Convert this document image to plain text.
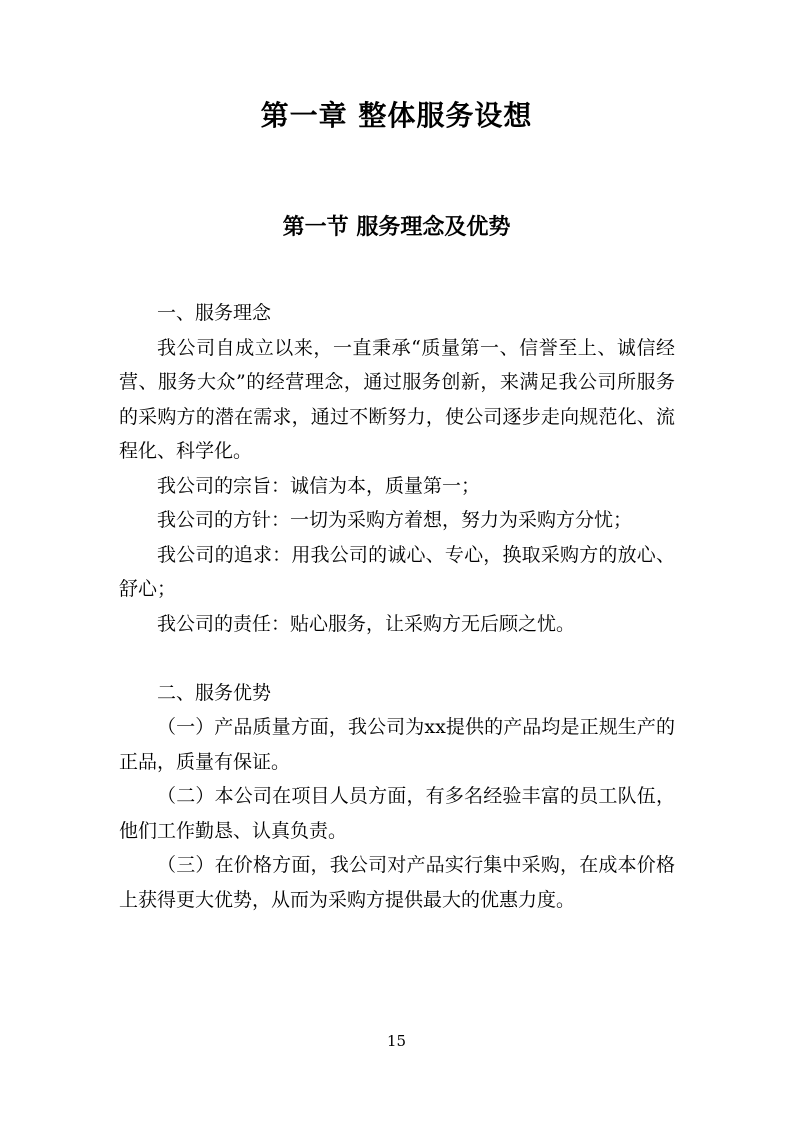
第一章 整体服务设想
第一节 服务理念及优势

一、服务理念

我公司自成立以来，一直秉承“质量第一、信誉至上、诚信经营、服务大众”的经营理念，通过服务创新，来满足我公司所服务的采购方的潜在需求，通过不断努力，使公司逐步走向规范化、流程化、科学化。

我公司的宗旨：诚信为本，质量第一；

我公司的方针：一切为采购方着想，努力为采购方分忧；

我公司的追求：用我公司的诚心、专心，换取采购方的放心、舒心；

我公司的责任：贴心服务，让采购方无后顾之忧。

二、服务优势

（一）产品质量方面，我公司为xx提供的产品均是正规生产的正品，质量有保证。

（二）本公司在项目人员方面，有多名经验丰富的员工队伍，他们工作勤恳、认真负责。

（三）在价格方面，我公司对产品实行集中采购，在成本价格上获得更大优势，从而为采购方提供最大的优惠力度。

15
